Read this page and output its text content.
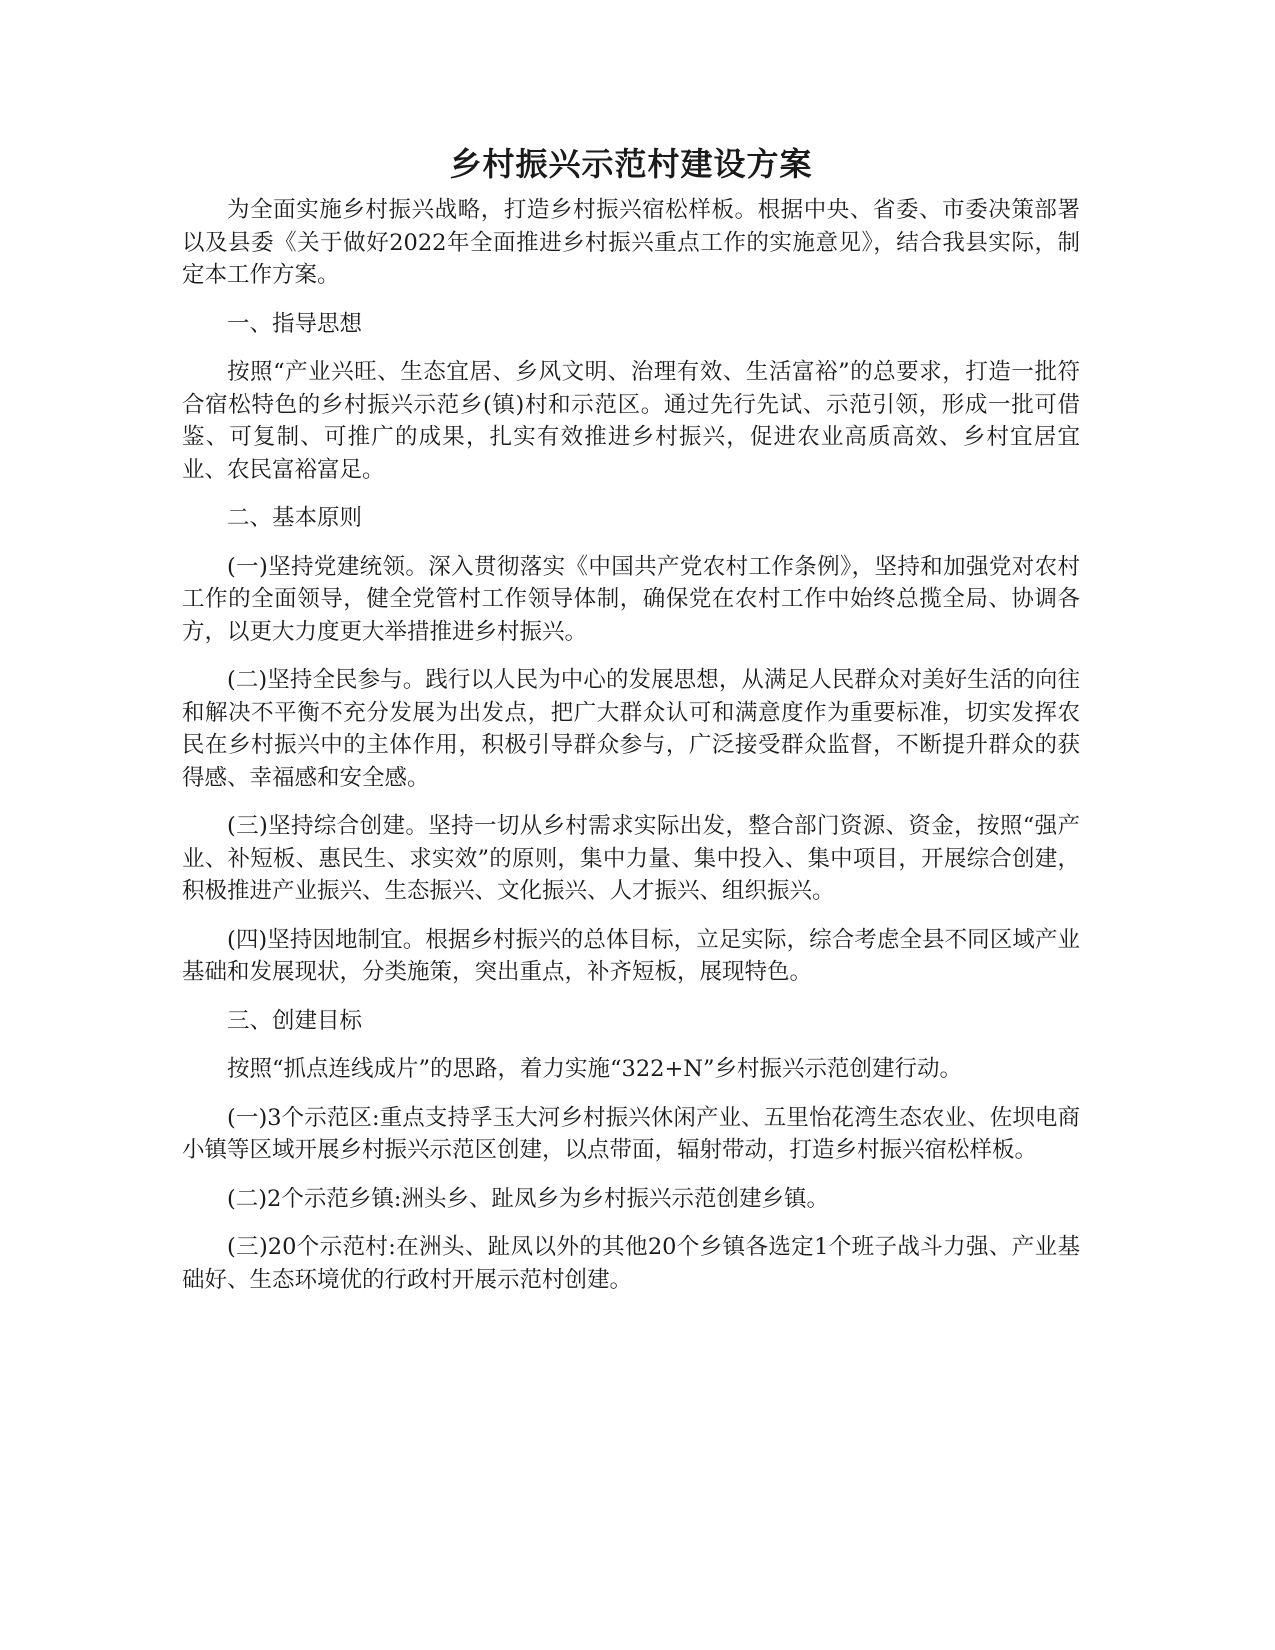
乡村振兴示范村建设方案

为全面实施乡村振兴战略，打造乡村振兴宿松样板。根据中央、省委、市委决策部署以及县委《关于做好2022年全面推进乡村振兴重点工作的实施意见》，结合我县实际，制定本工作方案。

一、指导思想

按照“产业兴旺、生态宜居、乡风文明、治理有效、生活富裕”的总要求，打造一批符合宿松特色的乡村振兴示范乡(镇)村和示范区。通过先行先试、示范引领，形成一批可借鉴、可复制、可推广的成果，扎实有效推进乡村振兴，促进农业高质高效、乡村宜居宜业、农民富裕富足。

二、基本原则

(一)坚持党建统领。深入贯彻落实《中国共产党农村工作条例》，坚持和加强党对农村工作的全面领导，健全党管村工作领导体制，确保党在农村工作中始终总揽全局、协调各方，以更大力度更大举措推进乡村振兴。

(二)坚持全民参与。践行以人民为中心的发展思想，从满足人民群众对美好生活的向往和解决不平衡不充分发展为出发点，把广大群众认可和满意度作为重要标准，切实发挥农民在乡村振兴中的主体作用，积极引导群众参与，广泛接受群众监督，不断提升群众的获得感、幸福感和安全感。

(三)坚持综合创建。坚持一切从乡村需求实际出发，整合部门资源、资金，按照“强产业、补短板、惠民生、求实效”的原则，集中力量、集中投入、集中项目，开展综合创建，积极推进产业振兴、生态振兴、文化振兴、人才振兴、组织振兴。

(四)坚持因地制宜。根据乡村振兴的总体目标，立足实际，综合考虑全县不同区域产业基础和发展现状，分类施策，突出重点，补齐短板，展现特色。

三、创建目标

按照“抓点连线成片”的思路，着力实施“322+N”乡村振兴示范创建行动。

(一)3个示范区:重点支持孚玉大河乡村振兴休闲产业、五里怡花湾生态农业、佐坝电商小镇等区域开展乡村振兴示范区创建，以点带面，辐射带动，打造乡村振兴宿松样板。

(二)2个示范乡镇:洲头乡、趾凤乡为乡村振兴示范创建乡镇。

(三)20个示范村:在洲头、趾凤以外的其他20个乡镇各选定1个班子战斗力强、产业基础好、生态环境优的行政村开展示范村创建。
